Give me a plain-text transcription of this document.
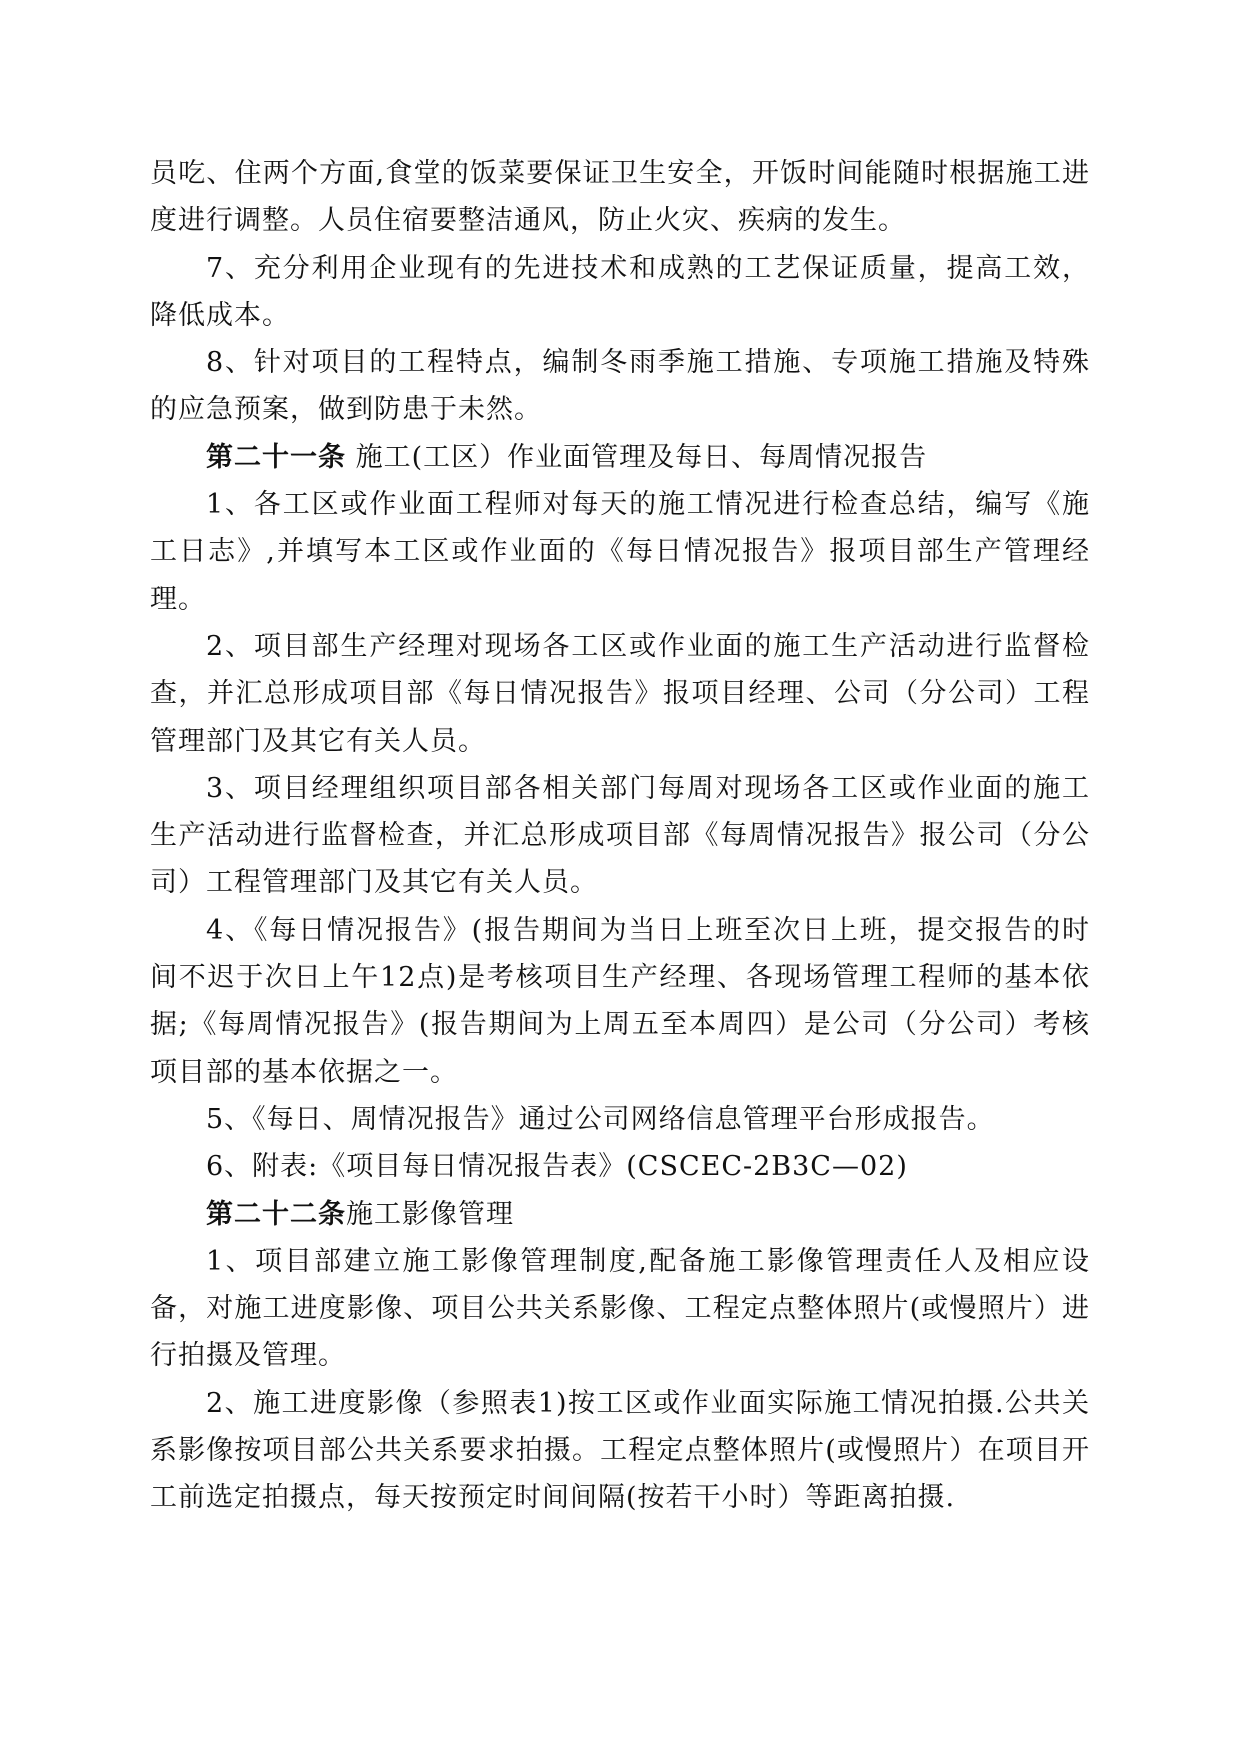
员吃、住两个方面,食堂的饭菜要保证卫生安全，开饭时间能随时根据施工进度进行调整。人员住宿要整洁通风，防止火灾、疾病的发生。

7、充分利用企业现有的先进技术和成熟的工艺保证质量，提高工效，降低成本。

8、针对项目的工程特点，编制冬雨季施工措施、专项施工措施及特殊的应急预案，做到防患于未然。

第二十一条 施工(工区）作业面管理及每日、每周情况报告

1、各工区或作业面工程师对每天的施工情况进行检查总结，编写《施工日志》,并填写本工区或作业面的《每日情况报告》报项目部生产管理经理。

2、项目部生产经理对现场各工区或作业面的施工生产活动进行监督检查，并汇总形成项目部《每日情况报告》报项目经理、公司（分公司）工程管理部门及其它有关人员。

3、项目经理组织项目部各相关部门每周对现场各工区或作业面的施工生产活动进行监督检查，并汇总形成项目部《每周情况报告》报公司（分公司）工程管理部门及其它有关人员。

4、《每日情况报告》(报告期间为当日上班至次日上班，提交报告的时间不迟于次日上午12点)是考核项目生产经理、各现场管理工程师的基本依据;《每周情况报告》(报告期间为上周五至本周四）是公司（分公司）考核项目部的基本依据之一。

5、《每日、周情况报告》通过公司网络信息管理平台形成报告。

6、附表:《项目每日情况报告表》(CSCEC-2B3C—02)

第二十二条施工影像管理

1、项目部建立施工影像管理制度,配备施工影像管理责任人及相应设备，对施工进度影像、项目公共关系影像、工程定点整体照片(或慢照片）进行拍摄及管理。

2、施工进度影像（参照表1)按工区或作业面实际施工情况拍摄.公共关系影像按项目部公共关系要求拍摄。工程定点整体照片(或慢照片）在项目开工前选定拍摄点，每天按预定时间间隔(按若干小时）等距离拍摄.
